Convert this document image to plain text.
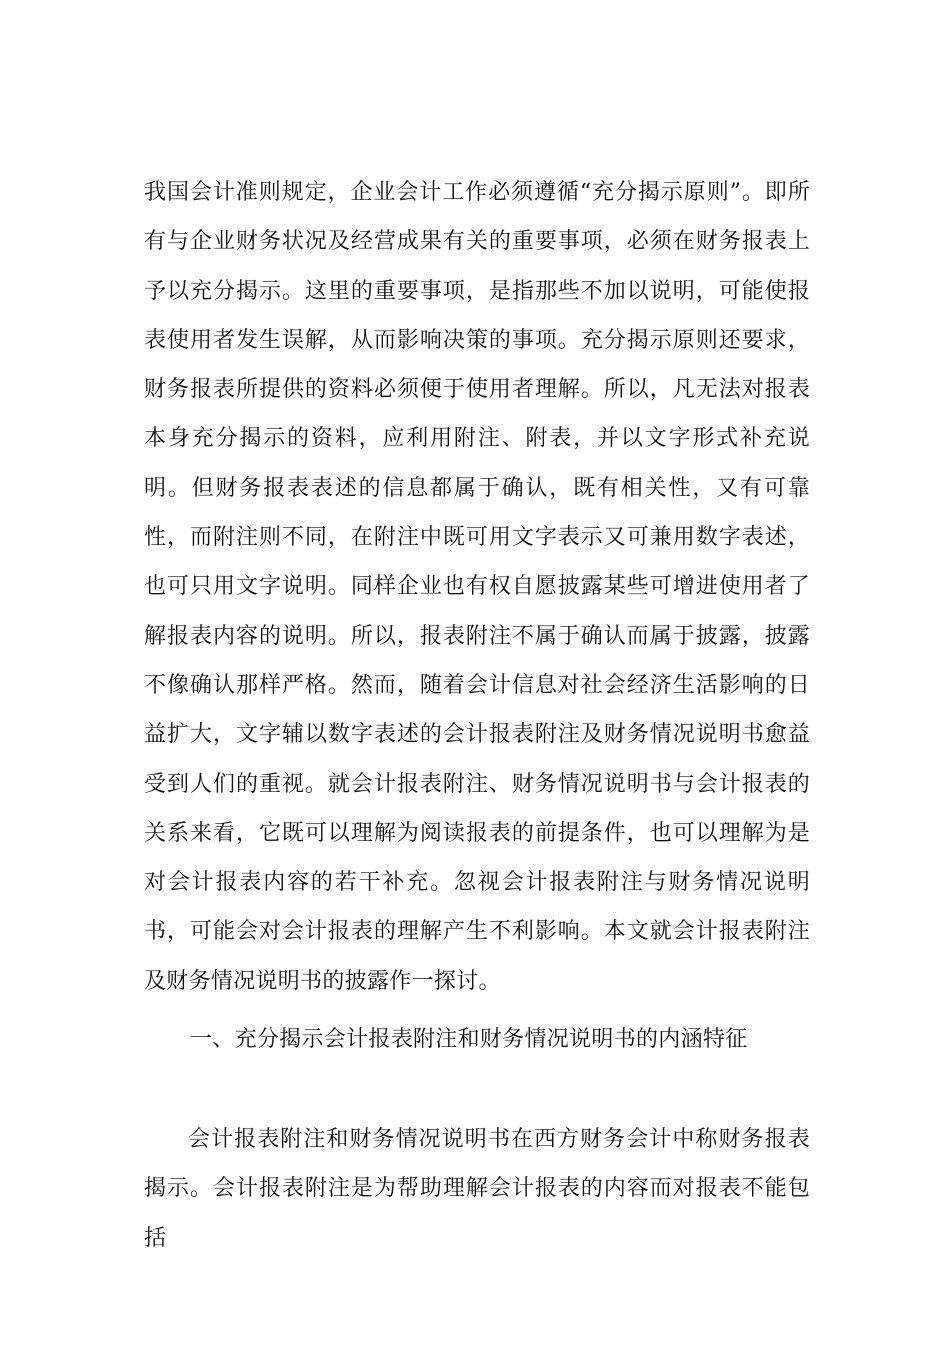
我国会计准则规定，企业会计工作必须遵循“充分揭示原则”。即所有与企业财务状况及经营成果有关的重要事项，必须在财务报表上予以充分揭示。这里的重要事项，是指那些不加以说明，可能使报表使用者发生误解，从而影响决策的事项。充分揭示原则还要求，财务报表所提供的资料必须便于使用者理解。所以，凡无法对报表本身充分揭示的资料，应利用附注、附表，并以文字形式补充说明。但财务报表表述的信息都属于确认，既有相关性，又有可靠性，而附注则不同，在附注中既可用文字表示又可兼用数字表述，也可只用文字说明。同样企业也有权自愿披露某些可增进使用者了解报表内容的说明。所以，报表附注不属于确认而属于披露，披露不像确认那样严格。然而，随着会计信息对社会经济生活影响的日益扩大，文字辅以数字表述的会计报表附注及财务情况说明书愈益受到人们的重视。就会计报表附注、财务情况说明书与会计报表的关系来看，它既可以理解为阅读报表的前提条件，也可以理解为是对会计报表内容的若干补充。忽视会计报表附注与财务情况说明书，可能会对会计报表的理解产生不利影响。本文就会计报表附注及财务情况说明书的披露作一探讨。

一、充分揭示会计报表附注和财务情况说明书的内涵特征

会计报表附注和财务情况说明书在西方财务会计中称财务报表揭示。会计报表附注是为帮助理解会计报表的内容而对报表不能包括
